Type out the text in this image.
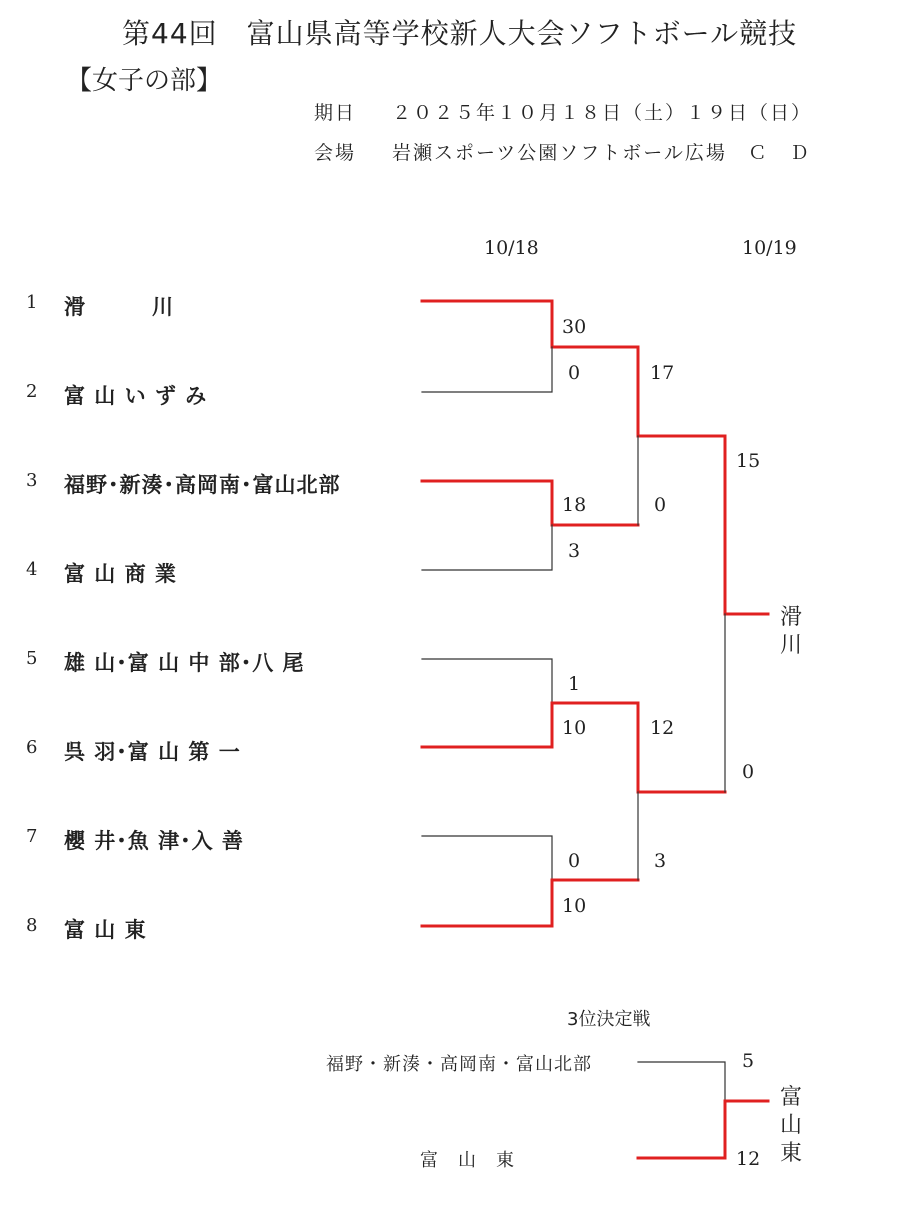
第44回　富山県高等学校新人大会ソフトボール競技
【女子の部】
期日 ２０２５年１０月１８日（土）１９日（日）
会場 岩瀬スポーツ公園ソフトボール広場　Ｃ　Ｄ
10/18	10/19
1 滑　　　川
2 富 山 い ず み
3 福野･新湊･高岡南･富山北部
4 富 山 商 業
5 雄 山･富 山 中 部･八 尾
6 呉 羽･富 山 第 一
7 櫻 井･魚 津･入 善
8 富 山 東
30
0
18
3
1
10
0
10
17
0
12
3
15
0
滑
川
3位決定戦
福野・新湊・高岡南・富山北部
富　山　東
5
12
富
山
東
